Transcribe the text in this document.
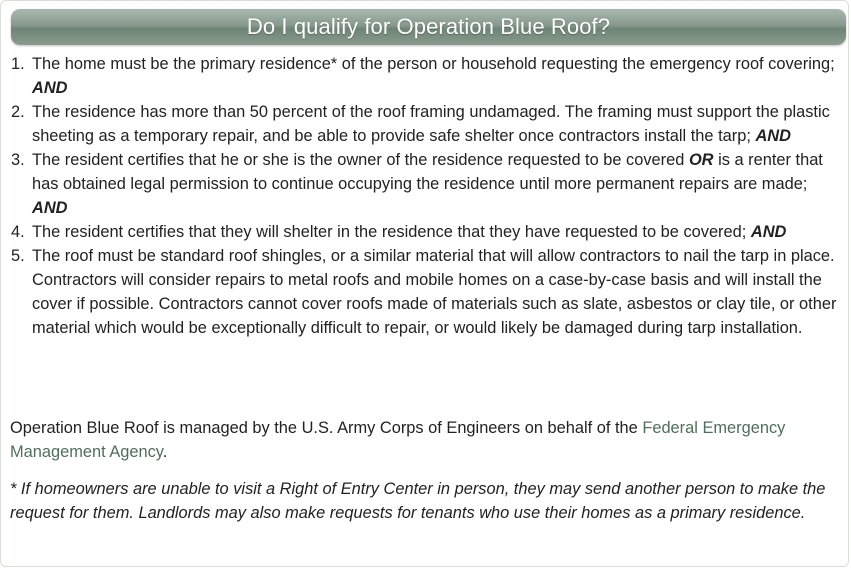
Do I qualify for Operation Blue Roof?
1. The home must be the primary residence* of the person or household requesting the emergency roof covering; AND
2. The residence has more than 50 percent of the roof framing undamaged. The framing must support the plastic sheeting as a temporary repair, and be able to provide safe shelter once contractors install the tarp; AND
3. The resident certifies that he or she is the owner of the residence requested to be covered OR is a renter that has obtained legal permission to continue occupying the residence until more permanent repairs are made; AND
4. The resident certifies that they will shelter in the residence that they have requested to be covered; AND
5. The roof must be standard roof shingles, or a similar material that will allow contractors to nail the tarp in place. Contractors will consider repairs to metal roofs and mobile homes on a case-by-case basis and will install the cover if possible. Contractors cannot cover roofs made of materials such as slate, asbestos or clay tile, or other material which would be exceptionally difficult to repair, or would likely be damaged during tarp installation.

Operation Blue Roof is managed by the U.S. Army Corps of Engineers on behalf of the Federal Emergency Management Agency.

* If homeowners are unable to visit a Right of Entry Center in person, they may send another person to make the request for them. Landlords may also make requests for tenants who use their homes as a primary residence.
